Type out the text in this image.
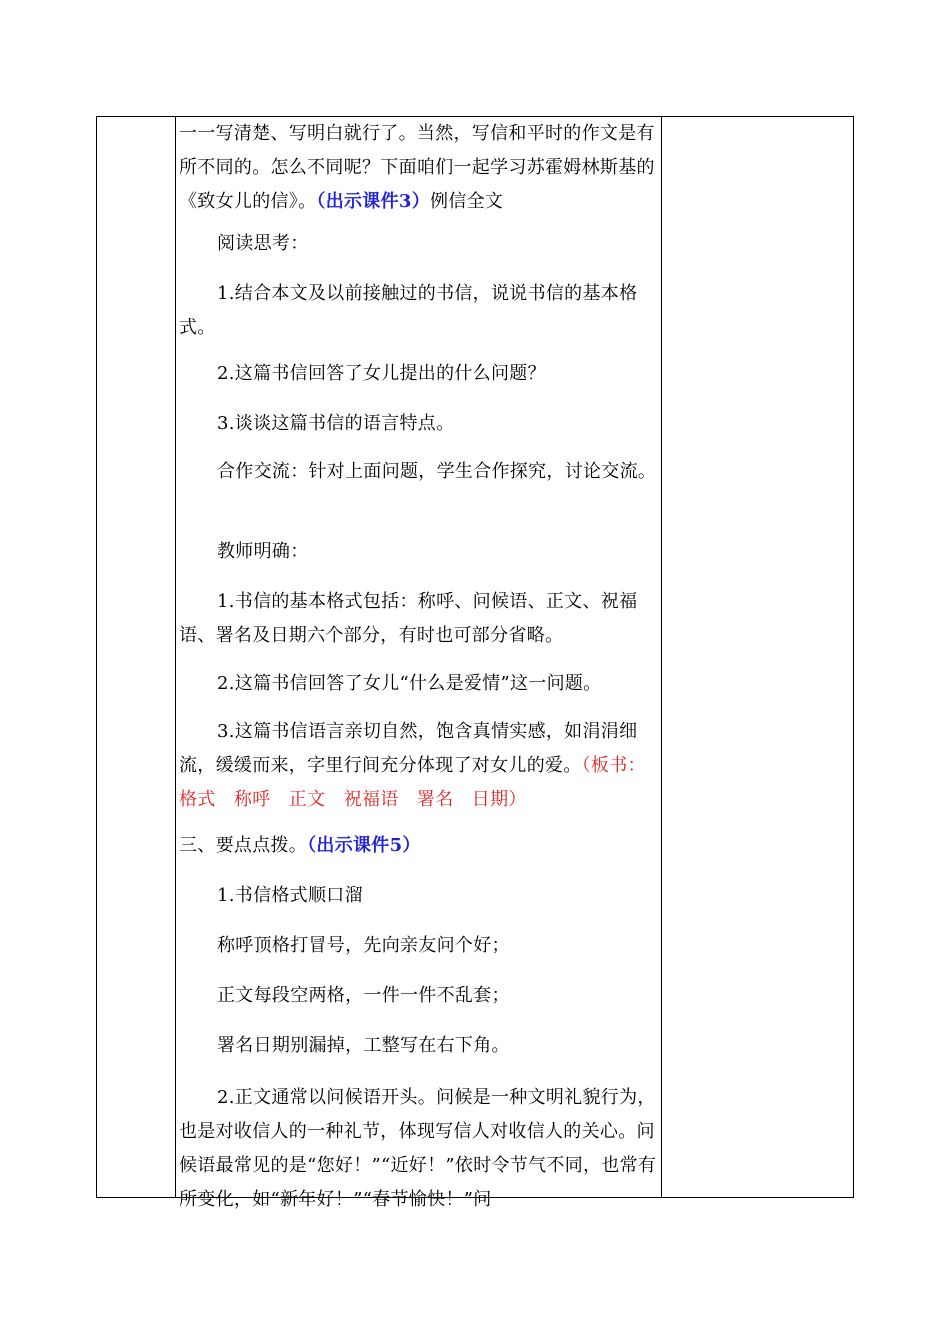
一一写清楚、写明白就行了。当然，写信和平时的作文是有所不同的。怎么不同呢？下面咱们一起学习苏霍姆林斯基的《致女儿的信》。（出示课件3）例信全文

阅读思考：

1.结合本文及以前接触过的书信，说说书信的基本格式。

2.这篇书信回答了女儿提出的什么问题？

3.谈谈这篇书信的语言特点。

合作交流：针对上面问题，学生合作探究，讨论交流。

教师明确：

1.书信的基本格式包括：称呼、问候语、正文、祝福语、署名及日期六个部分，有时也可部分省略。

2.这篇书信回答了女儿“什么是爱情”这一问题。

3.这篇书信语言亲切自然，饱含真情实感，如涓涓细流，缓缓而来，字里行间充分体现了对女儿的爱。（板书：格式　称呼　正文　祝福语　署名　日期）

三、要点点拨。（出示课件5）

1.书信格式顺口溜

称呼顶格打冒号，先向亲友问个好；

正文每段空两格，一件一件不乱套；

署名日期别漏掉，工整写在右下角。

2.正文通常以问候语开头。问候是一种文明礼貌行为，也是对收信人的一种礼节，体现写信人对收信人的关心。问候语最常见的是“您好！”“近好！”依时令节气不同，也常有所变化，如“新年好！”“春节愉快！”问
